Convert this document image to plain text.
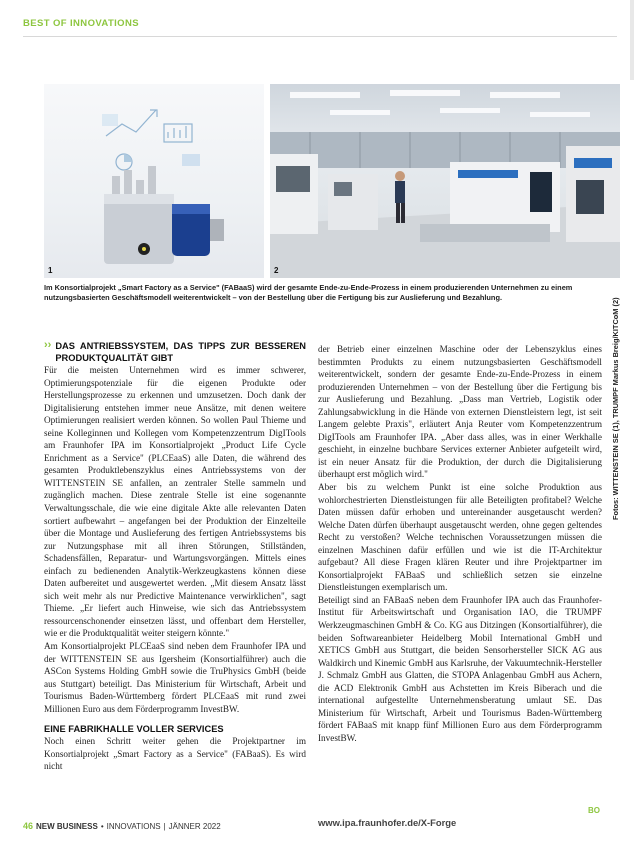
BEST OF INNOVATIONS
1	2
Im Konsortialprojekt „Smart Factory as a Service" (FABaaS) wird der gesamte Ende-zu-Ende-Prozess in einem produzierenden Unternehmen zu einem nutzungsbasierten Geschäftsmodell weiterentwickelt – von der Bestellung über die Fertigung bis zur Auslieferung und Bezahlung.
›› DAS ANTRIEBSSYSTEM, DAS TIPPS ZUR BESSEREN PRODUKTQUALITÄT GIBT

Für die meisten Unternehmen wird es immer schwerer, Optimierungspotenziale für die eigenen Produkte oder Herstellungsprozesse zu erkennen und umzusetzen. Doch dank der Digitalisierung entstehen immer neue Ansätze, mit denen weitere Optimierungen realisiert werden können. So wollen Paul Thieme und seine Kolleginnen und Kollegen vom Kompetenzzentrum DigITools am Fraunhofer IPA im Konsortialprojekt „Product Life Cycle Enrichment as a Service" (PLCEaaS) alle Daten, die während des gesamten Produktlebenszyklus eines Antriebssystems von der WITTENSTEIN SE anfallen, an zentraler Stelle sammeln und zugänglich machen. Diese zentrale Stelle ist eine sogenannte Verwaltungsschale, die wie eine digitale Akte alle relevanten Daten sortiert aufbewahrt – angefangen bei der Produktion der Einzelteile über die Montage und Auslieferung des fertigen Antriebssystems bis zur Nutzungsphase mit all ihren Störungen, Stillständen, Schadensfällen, Reparatur- und Wartungsvorgängen. Mittels eines einfach zu bedienenden Analytik-Werkzeugkastens können diese Daten aufbereitet und ausgewertet werden. „Mit diesem Ansatz lässt sich weit mehr als nur Predictive Maintenance verwirklichen", sagt Thieme. „Er liefert auch Hinweise, wie sich das Antriebssystem ressourcenschonender einsetzen lässt, und offenbart dem Hersteller, wie er die Produktqualität weiter steigern könnte."

Am Konsortialprojekt PLCEaaS sind neben dem Fraunhofer IPA und der WITTENSTEIN SE aus Igersheim (Konsortialführer) auch die ASCon Systems Holding GmbH sowie die TruPhysics GmbH (beide aus Stuttgart) beteiligt. Das Ministerium für Wirtschaft, Arbeit und Tourismus Baden-Württemberg fördert PLCEaaS mit rund zwei Millionen Euro aus dem Förderprogramm InvestBW.

EINE FABRIKHALLE VOLLER SERVICES

Noch einen Schritt weiter gehen die Projektpartner im Konsortialprojekt „Smart Factory as a Service" (FABaaS). Es wird nicht

der Betrieb einer einzelnen Maschine oder der Lebenszyklus eines bestimmten Produkts zu einem nutzungsbasierten Geschäftsmodell weiterentwickelt, sondern der gesamte Ende-zu-Ende-Prozess in einem produzierenden Unternehmen – von der Bestellung über die Fertigung bis zur Auslieferung und Bezahlung. „Dass man Vertrieb, Logistik oder Zahlungsabwicklung in die Hände von externen Dienstleistern legt, ist seit Langem gelebte Praxis", erläutert Anja Reuter vom Kompetenzzentrum DigITools am Fraunhofer IPA. „Aber dass alles, was in einer Werkhalle geschieht, in einzelne buchbare Services externer Anbieter aufgeteilt wird, ist ein neuer Ansatz für die Produktion, der durch die Digitalisierung überhaupt erst möglich wird."

Aber bis zu welchem Punkt ist eine solche Produktion aus wohlorchestrierten Dienstleistungen für alle Beteiligten profitabel? Welche Daten müssen dafür erhoben und untereinander ausgetauscht werden? Welche Daten dürfen überhaupt ausgetauscht werden, ohne gegen geltendes Recht zu verstoßen? Welche technischen Voraussetzungen müssen die einzelnen Maschinen dafür erfüllen und wie ist die IT-Architektur aufgebaut? All diese Fragen klären Reuter und ihre Projektpartner im Konsortialprojekt FABaaS und schließlich setzen sie einzelne Dienstleistungen exemplarisch um.

Beteiligt sind an FABaaS neben dem Fraunhofer IPA auch das Fraunhofer-Institut für Arbeitswirtschaft und Organisation IAO, die TRUMPF Werkzeugmaschinen GmbH & Co. KG aus Ditzingen (Konsortialführer), die beiden Softwareanbieter Heidelberg Mobil International GmbH und XETICS GmbH aus Stuttgart, die beiden Sensorhersteller SICK AG aus Waldkirch und Kinemic GmbH aus Karlsruhe, der Vakuumtechnik-Hersteller J. Schmalz GmbH aus Glatten, die STOPA Anlagenbau GmbH aus Achern, die ACD Elektronik GmbH aus Achstetten im Kreis Biberach und die international aufgestellte Unternehmensberatung umlaut SE. Das Ministerium für Wirtschaft, Arbeit und Tourismus Baden-Württemberg fördert FABaaS mit knapp fünf Millionen Euro aus dem Förderprogramm InvestBW.

BO
www.ipa.fraunhofer.de/X-Forge
Fotos: WITTENSTEIN SE (1), TRUMPF Markus Breig/KITCoM (2)
46 NEW BUSINESS • INNOVATIONS | JÄNNER 2022
